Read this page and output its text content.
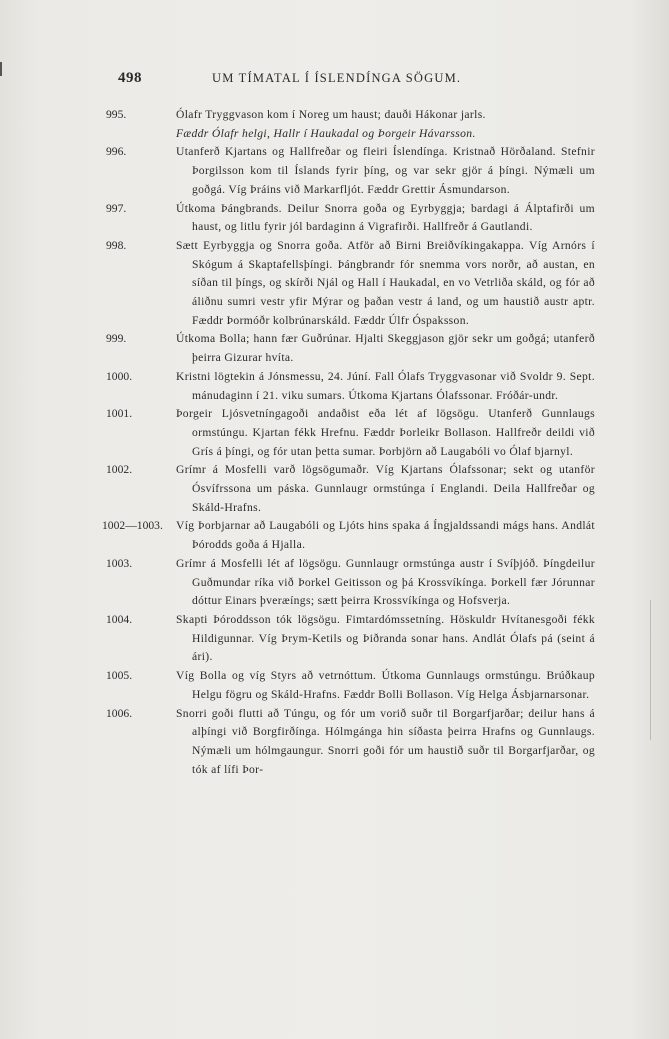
498	UM TÍMATAL Í ÍSLENDÍNGA SÖGUM.
995.	Ólafr Tryggvason kom í Noreg um haust; dauði Hákonar jarls.

Fæddr Ólafr helgi, Hallr í Haukadal og Þorgeir Hávarsson.

996.	Utanferð Kjartans og Hallfreðar og fleiri Íslendínga. Kristnað Hörðaland. Stefnir Þorgilsson kom til Íslands fyrir þíng, og var sekr gjör á þíngi. Nýmæli um goðgá. Víg Þráins við Markarfljót. Fæddr Grettir Ásmundarson.

997.	Útkoma Þángbrands. Deilur Snorra goða og Eyrbyggja; bardagi á Álptafirði um haust, og litlu fyrir jól bardaginn á Vigrafirði. Hallfreðr á Gautlandi.

998.	Sætt Eyrbyggja og Snorra goða. Atför að Birni Breiðvíkingakappa. Víg Arnórs í Skógum á Skaptafellsþíngi. Þángbrandr fór snemma vors norðr, að austan, en síðan til þíngs, og skírði Njál og Hall í Haukadal, en vo Vetrliða skáld, og fór að áliðnu sumri vestr yfir Mýrar og þaðan vestr á land, og um haustið austr aptr. Fæddr Þormóðr kolbrúnarskáld. Fæddr Úlfr Óspaksson.

999.	Útkoma Bolla; hann fær Guðrúnar. Hjalti Skeggjason gjör sekr um goðgá; utanferð þeirra Gizurar hvíta.

1000.	Kristni lögtekin á Jónsmessu, 24. Júní. Fall Ólafs Tryggvasonar við Svoldr 9. Sept. mánudaginn í 21. viku sumars. Útkoma Kjartans Ólafssonar. Fróðár-undr.

1001.	Þorgeir Ljósvetníngagoði andaðist eða lét af lögsögu. Utanferð Gunnlaugs ormstúngu. Kjartan fékk Hrefnu. Fæddr Þorleikr Bollason. Hallfreðr deildi við Grís á þíngi, og fór utan þetta sumar. Þorbjörn að Laugabóli vo Ólaf bjarnyl.

1002.	Grímr á Mosfelli varð lögsögumaðr. Víg Kjartans Ólafssonar; sekt og utanför Ósvífrssona um páska. Gunnlaugr ormstúnga í Englandi. Deila Hallfreðar og Skáld-Hrafns.

1002—1003.	Víg Þorbjarnar að Laugabóli og Ljóts hins spaka á Íngjaldssandi mágs hans. Andlát Þórodds goða á Hjalla.

1003.	Grímr á Mosfelli lét af lögsögu. Gunnlaugr ormstúnga austr í Svíþjóð. Þíngdeilur Guðmundar ríka við Þorkel Geitisson og þá Krossvíkínga. Þorkell fær Jórunnar dóttur Einars þveræíngs; sætt þeirra Krossvíkínga og Hofsverja.

1004.	Skapti Þóroddsson tók lögsögu. Fimtardómssetníng. Höskuldr Hvítanesgoði fékk Hildigunnar. Víg Þrym-Ketils og Þiðranda sonar hans. Andlát Ólafs pá (seint á ári).

1005.	Víg Bolla og víg Styrs að vetrnóttum. Útkoma Gunnlaugs ormstúngu. Brúðkaup Helgu fögru og Skáld-Hrafns. Fæddr Bolli Bollason. Víg Helga Ásbjarnarsonar.

1006.	Snorri goði flutti að Túngu, og fór um vorið suðr til Borgarfjarðar; deilur hans á alþíngi við Borgfirðínga. Hólmgánga hin síðasta þeirra Hrafns og Gunnlaugs. Nýmæli um hólmgaungur. Snorri goði fór um haustið suðr til Borgarfjarðar, og tók af lífi Þor-
